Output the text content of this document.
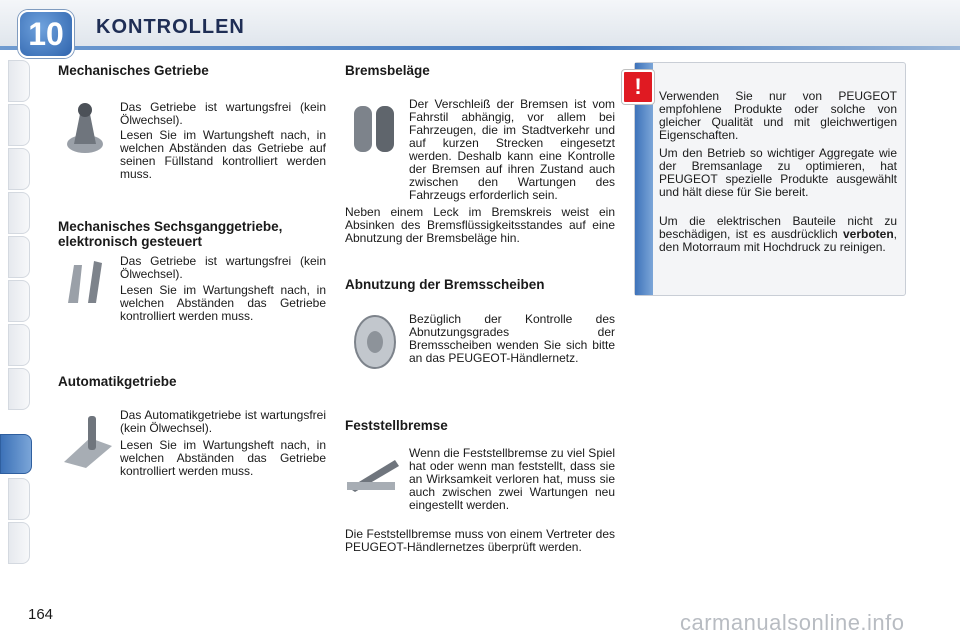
10	KONTROLLEN
Mechanisches Getriebe

Das Getriebe ist wartungsfrei (kein Ölwechsel).

Lesen Sie im Wartungsheft nach, in welchen Abständen das Getriebe auf seinen Füllstand kontrolliert werden muss.

Mechanisches Sechsganggetriebe,
elektronisch gesteuert

Das Getriebe ist wartungsfrei (kein Ölwechsel).

Lesen Sie im Wartungsheft nach, in welchen Abständen das Getriebe kontrolliert werden muss.

Automatikgetriebe

Das Automatikgetriebe ist wartungsfrei (kein Ölwechsel).

Lesen Sie im Wartungsheft nach, in welchen Abständen das Getriebe kontrolliert werden muss.

Bremsbeläge

Der Verschleiß der Bremsen ist vom Fahrstil abhängig, vor allem bei Fahrzeugen, die im Stadtverkehr und auf kurzen Strecken eingesetzt werden. Deshalb kann eine Kontrolle der Bremsen auf ihren Zustand auch zwischen den Wartungen des Fahrzeugs erforderlich sein.

Neben einem Leck im Bremskreis weist ein Absinken des Bremsflüssigkeitsstandes auf eine Abnutzung der Bremsbeläge hin.

Abnutzung der Bremsscheiben

Bezüglich der Kontrolle des Abnutzungsgrades der Bremsscheiben wenden Sie sich bitte an das PEUGEOT-Händlernetz.

Feststellbremse

Wenn die Feststellbremse zu viel Spiel hat oder wenn man feststellt, dass sie an Wirksamkeit verloren hat, muss sie auch zwischen zwei Wartungen neu eingestellt werden.

Die Feststellbremse muss von einem Vertreter des PEUGEOT-Händlernetzes überprüft werden.

!	Verwenden Sie nur von PEUGEOT empfohlene Produkte oder solche von gleicher Qualität und mit gleichwertigen Eigenschaften.

Um den Betrieb so wichtiger Aggregate wie der Bremsanlage zu optimieren, hat PEUGEOT spezielle Produkte ausgewählt und hält diese für Sie bereit.

Um die elektrischen Bauteile nicht zu beschädigen, ist es ausdrücklich verboten, den Motorraum mit Hochdruck zu reinigen.

164	carmanualsonline.info
